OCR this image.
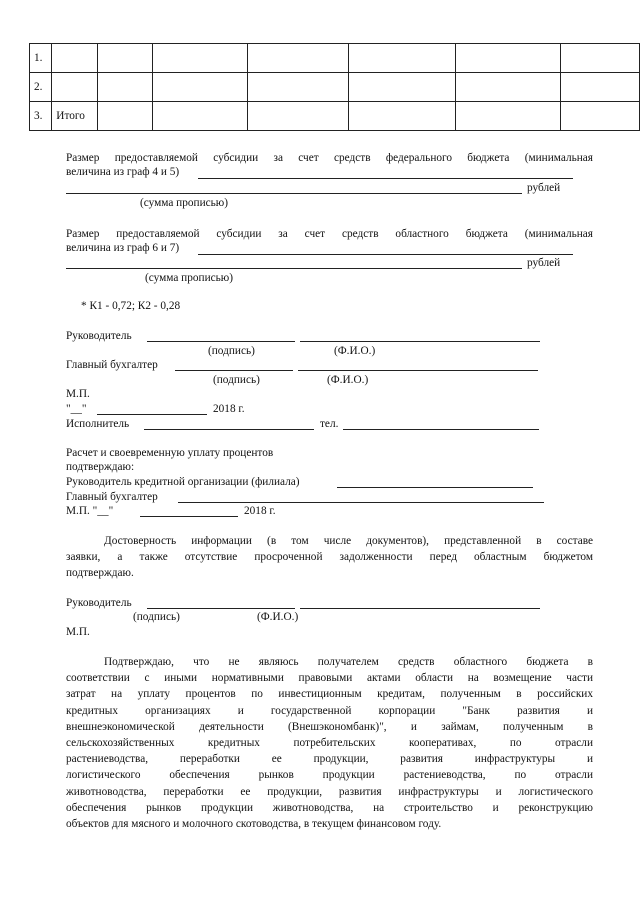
1.							
2.							
3.	Итого						
Размер предоставляемой субсидии за счет средств федерального бюджета (минимальная
величина из граф 4 и 5)
рублей
(сумма прописью)
Размер предоставляемой субсидии за счет средств областного бюджета (минимальная
величина из граф 6 и 7)
рублей
(сумма прописью)
* К1 - 0,72; К2 - 0,28
Руководитель
(подпись)	(Ф.И.О.)
Главный бухгалтер
(подпись)	(Ф.И.О.)
М.П.
"__"	2018 г.
Исполнитель	тел.
Расчет и своевременную уплату процентов
подтверждаю:
Руководитель кредитной организации (филиала)
Главный бухгалтер
М.П. "__"	2018 г.
Достоверность информации (в том числе документов), представленной в составе
заявки, а также отсутствие просроченной задолженности перед областным бюджетом
подтверждаю.
Руководитель
(подпись)	(Ф.И.О.)
М.П.
Подтверждаю, что не являюсь получателем средств областного бюджета в
соответствии с иными нормативными правовыми актами области на возмещение части
затрат на уплату процентов по инвестиционным кредитам, полученным в российских
кредитных организациях и государственной корпорации "Банк развития и
внешнеэкономической деятельности (Внешэкономбанк)", и займам, полученным в
сельскохозяйственных кредитных потребительских кооперативах, по отрасли
растениеводства, переработки ее продукции, развития инфраструктуры и
логистического обеспечения рынков продукции растениеводства, по отрасли
животноводства, переработки ее продукции, развития инфраструктуры и логистического
обеспечения рынков продукции животноводства, на строительство и реконструкцию
объектов для мясного и молочного скотоводства, в текущем финансовом году.
